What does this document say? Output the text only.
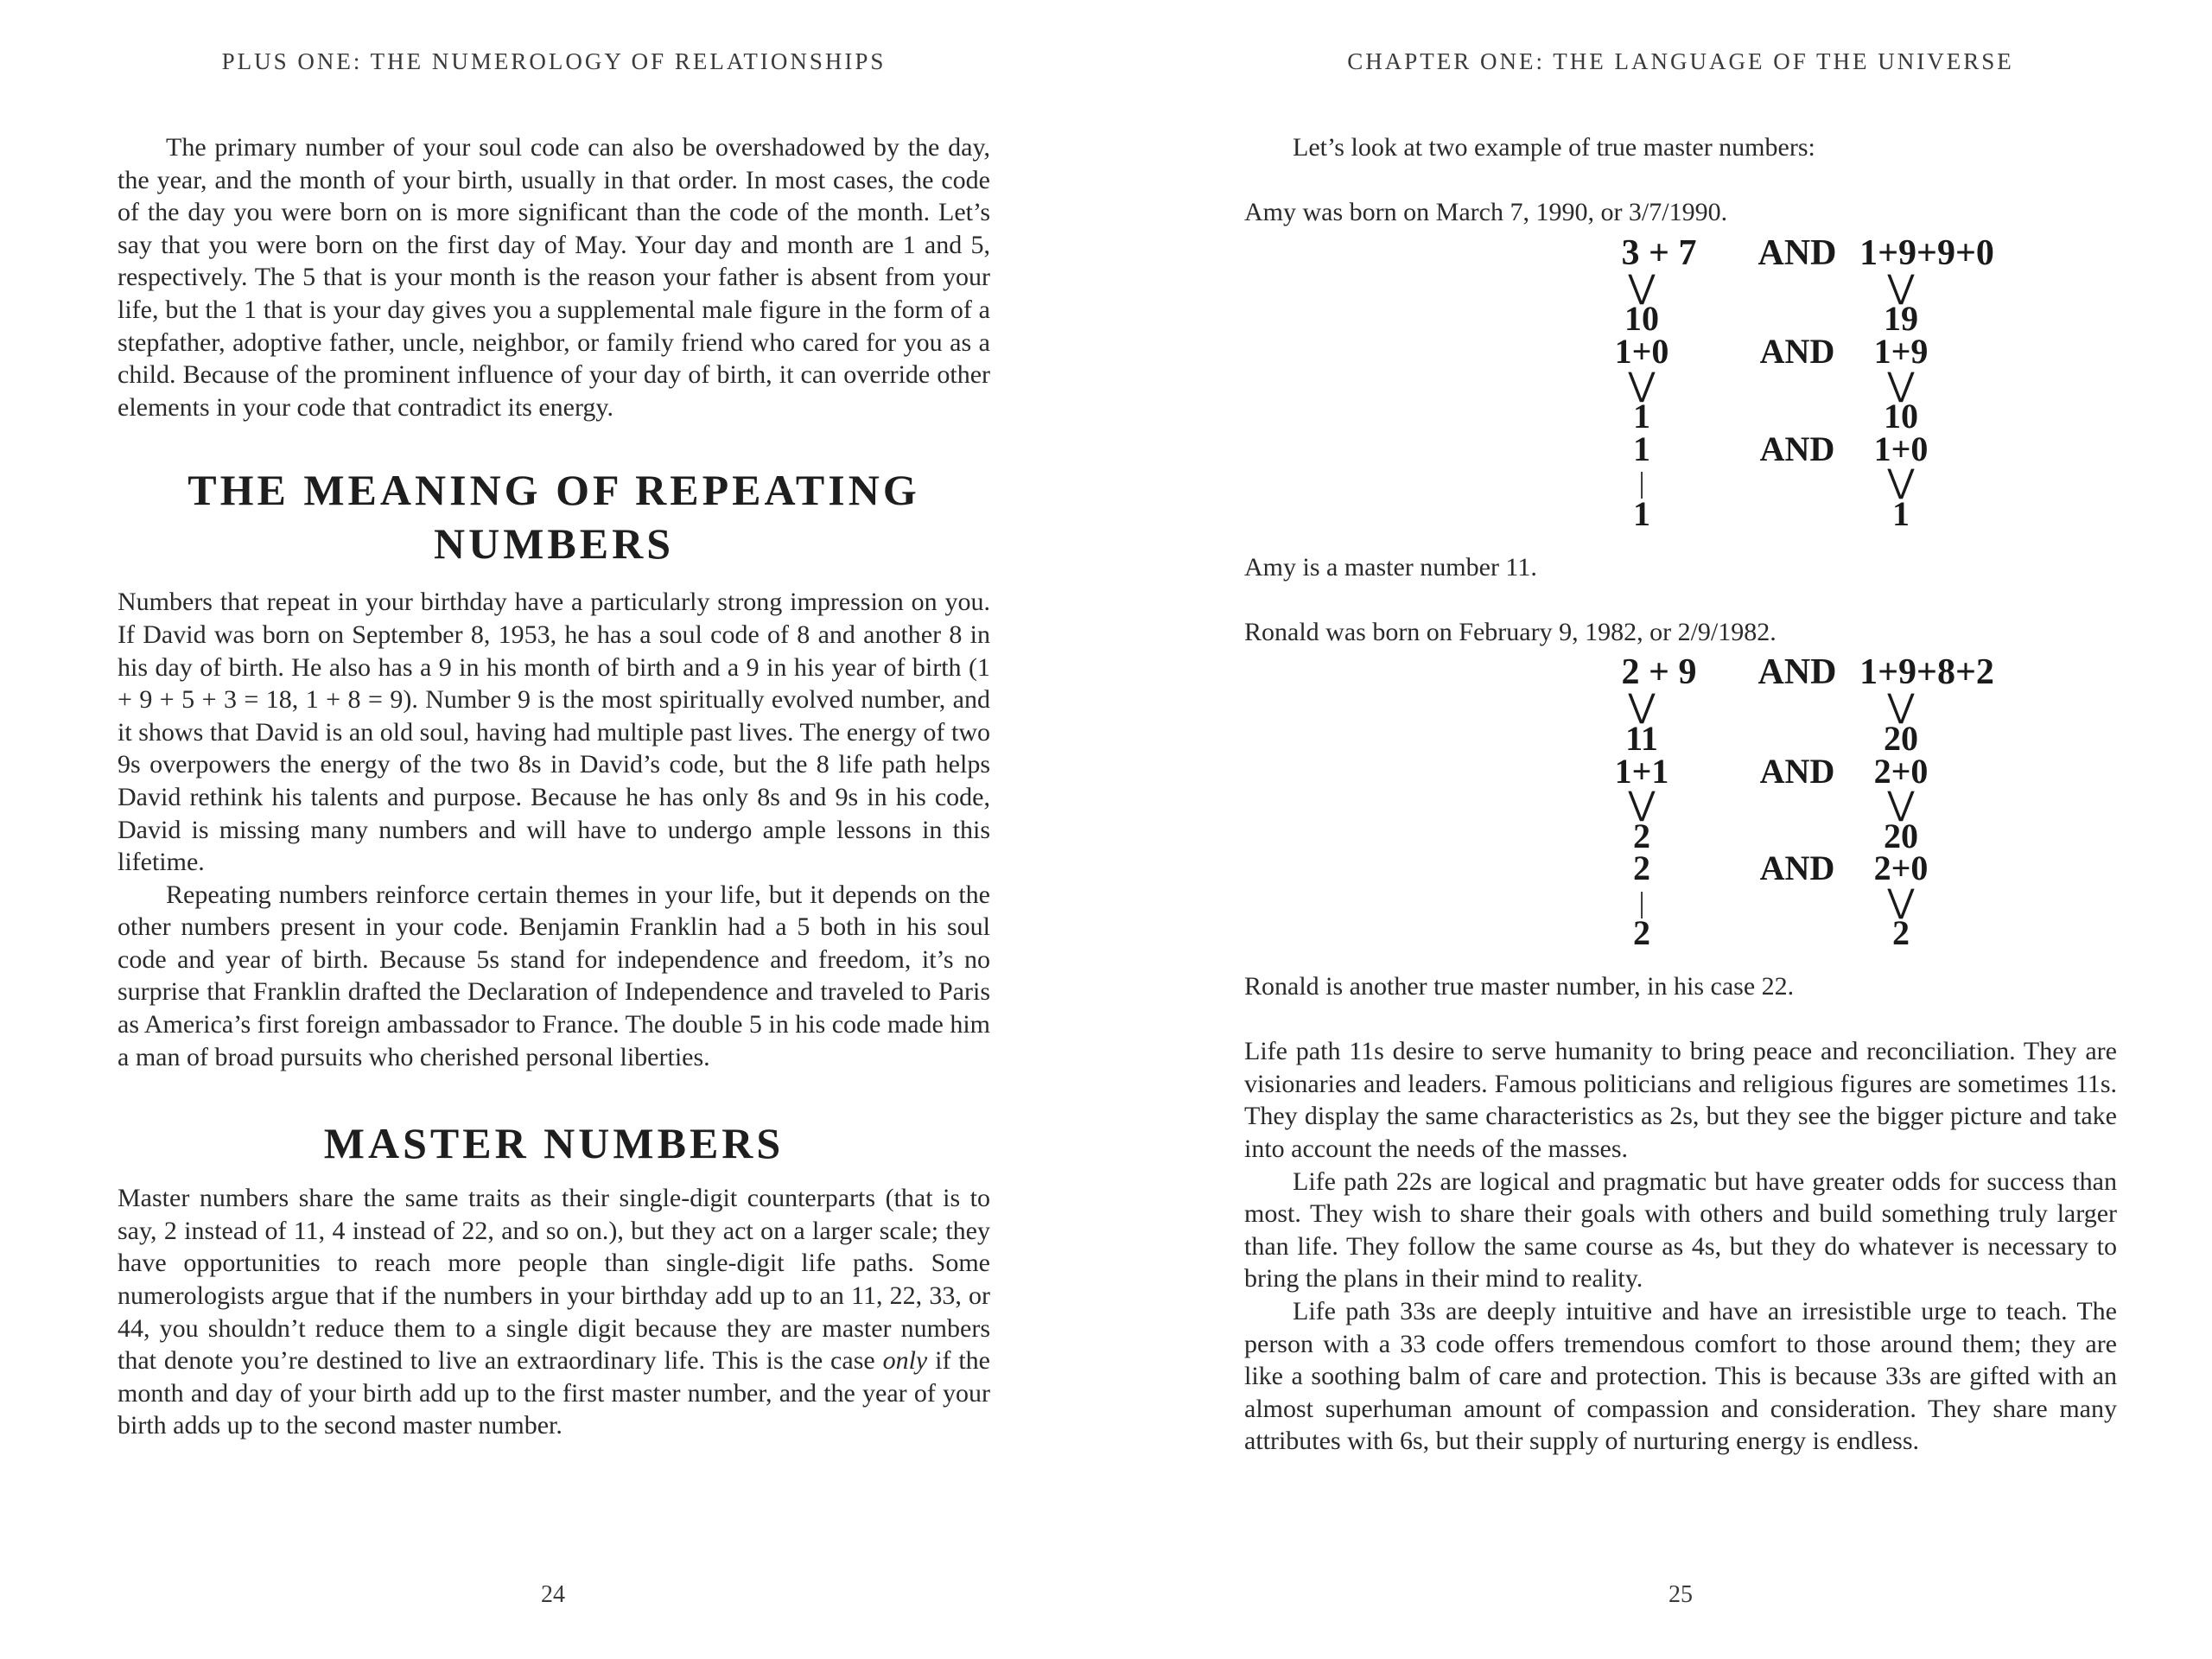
PLUS ONE: THE NUMEROLOGY OF RELATIONSHIPS

The primary number of your soul code can also be overshadowed by the day, the year, and the month of your birth, usually in that order. In most cases, the code of the day you were born on is more significant than the code of the month. Let’s say that you were born on the first day of May. Your day and month are 1 and 5, respectively. The 5 that is your month is the reason your father is absent from your life, but the 1 that is your day gives you a supplemental male figure in the form of a stepfather, adoptive father, uncle, neighbor, or family friend who cared for you as a child. Because of the prominent influence of your day of birth, it can override other elements in your code that contradict its energy.

THE MEANING OF REPEATING NUMBERS

Numbers that repeat in your birthday have a particularly strong impression on you. If David was born on September 8, 1953, he has a soul code of 8 and another 8 in his day of birth. He also has a 9 in his month of birth and a 9 in his year of birth (1 + 9 + 5 + 3 = 18, 1 + 8 = 9). Number 9 is the most spiritually evolved number, and it shows that David is an old soul, having had multiple past lives. The energy of two 9s overpowers the energy of the two 8s in David’s code, but the 8 life path helps David rethink his talents and purpose. Because he has only 8s and 9s in his code, David is missing many numbers and will have to undergo ample lessons in this lifetime.

Repeating numbers reinforce certain themes in your life, but it depends on the other numbers present in your code. Benjamin Franklin had a 5 both in his soul code and year of birth. Because 5s stand for independence and freedom, it’s no surprise that Franklin drafted the Declaration of Independence and traveled to Paris as America’s first foreign ambassador to France. The double 5 in his code made him a man of broad pursuits who cherished personal liberties.

MASTER NUMBERS

Master numbers share the same traits as their single-digit counterparts (that is to say, 2 instead of 11, 4 instead of 22, and so on.), but they act on a larger scale; they have opportunities to reach more people than single-digit life paths. Some numerologists argue that if the numbers in your birthday add up to an 11, 22, 33, or 44, you shouldn’t reduce them to a single digit because they are master numbers that denote you’re destined to live an extraordinary life. This is the case only if the month and day of your birth add up to the first master number, and the year of your birth adds up to the second master number.

24
CHAPTER ONE: THE LANGUAGE OF THE UNIVERSE

Let’s look at two example of true master numbers:

Amy was born on March 7, 1990, or 3/7/1990.

3 + 7 AND 1+9+9+0
⋁	⋁
10	19
1+0	AND 1+9
⋁	⋁
1	10
1	AND 1+0
|	⋁
1	1

Amy is a master number 11.

Ronald was born on February 9, 1982, or 2/9/1982.

2 + 9 AND 1+9+8+2
⋁	⋁
11	20
1+1	AND 2+0
⋁	⋁
2	20
2	AND 2+0
|	⋁
2	2

Ronald is another true master number, in his case 22.

Life path 11s desire to serve humanity to bring peace and reconciliation. They are visionaries and leaders. Famous politicians and religious figures are sometimes 11s. They display the same characteristics as 2s, but they see the bigger picture and take into account the needs of the masses.

Life path 22s are logical and pragmatic but have greater odds for success than most. They wish to share their goals with others and build something truly larger than life. They follow the same course as 4s, but they do whatever is necessary to bring the plans in their mind to reality.

Life path 33s are deeply intuitive and have an irresistible urge to teach. The person with a 33 code offers tremendous comfort to those around them; they are like a soothing balm of care and protection. This is because 33s are gifted with an almost superhuman amount of compassion and consideration. They share many attributes with 6s, but their supply of nurturing energy is endless.

25
